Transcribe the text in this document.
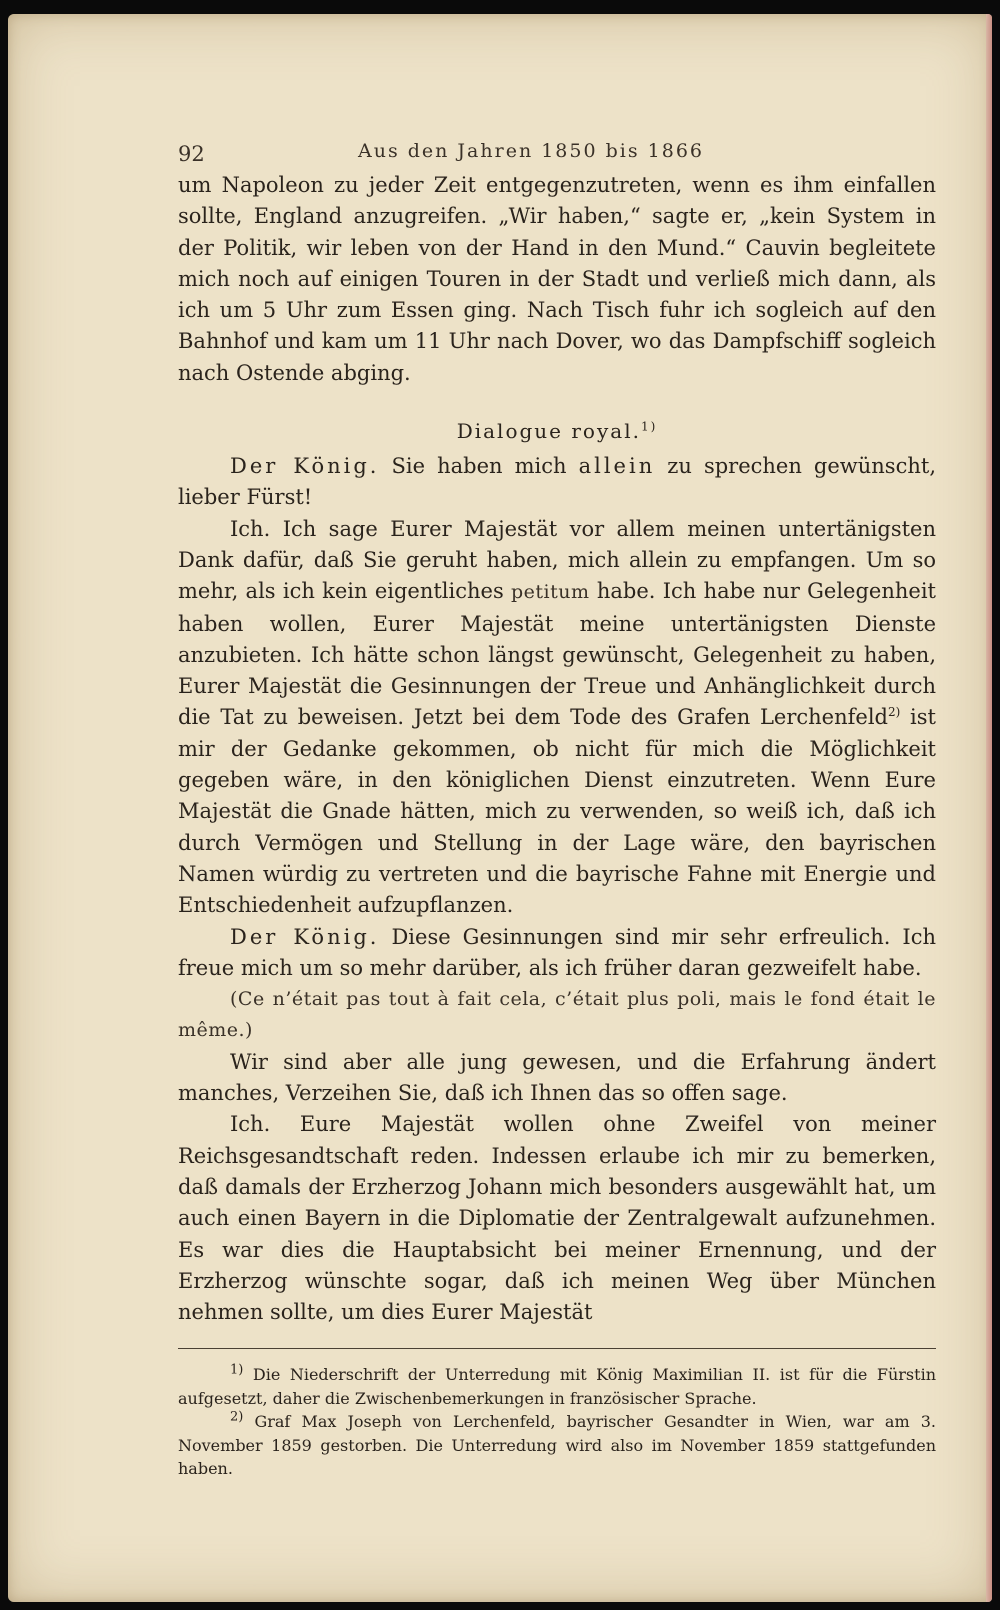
92	Aus den Jahren 1850 bis 1866

um Napoleon zu jeder Zeit entgegenzutreten, wenn es ihm einfallen sollte, England anzugreifen. „Wir haben,“ sagte er, „kein System in der Politik, wir leben von der Hand in den Mund.“ Cauvin begleitete mich noch auf einigen Touren in der Stadt und verließ mich dann, als ich um 5 Uhr zum Essen ging. Nach Tisch fuhr ich sogleich auf den Bahnhof und kam um 11 Uhr nach Dover, wo das Dampfschiff sogleich nach Ostende abging.

Dialogue royal.$^{1)}$

Der König. Sie haben mich allein zu sprechen gewünscht, lieber Fürst!

Ich. Ich sage Eurer Majestät vor allem meinen untertänigsten Dank dafür, daß Sie geruht haben, mich allein zu empfangen. Um so mehr, als ich kein eigentliches petitum habe. Ich habe nur Gelegenheit haben wollen, Eurer Majestät meine untertänigsten Dienste anzubieten. Ich hätte schon längst gewünscht, Gelegenheit zu haben, Eurer Majestät die Gesinnungen der Treue und Anhänglichkeit durch die Tat zu beweisen. Jetzt bei dem Tode des Grafen Lerchenfeld$^{2)}$ ist mir der Gedanke gekommen, ob nicht für mich die Möglichkeit gegeben wäre, in den königlichen Dienst einzutreten. Wenn Eure Majestät die Gnade hätten, mich zu verwenden, so weiß ich, daß ich durch Vermögen und Stellung in der Lage wäre, den bayrischen Namen würdig zu vertreten und die bayrische Fahne mit Energie und Entschiedenheit aufzupflanzen.

Der König. Diese Gesinnungen sind mir sehr erfreulich. Ich freue mich um so mehr darüber, als ich früher daran gezweifelt habe.

(Ce n’était pas tout à fait cela, c’était plus poli, mais le fond était le même.)

Wir sind aber alle jung gewesen, und die Erfahrung ändert manches, Verzeihen Sie, daß ich Ihnen das so offen sage.

Ich. Eure Majestät wollen ohne Zweifel von meiner Reichsgesandtschaft reden. Indessen erlaube ich mir zu bemerken, daß damals der Erzherzog Johann mich besonders ausgewählt hat, um auch einen Bayern in die Diplomatie der Zentralgewalt aufzunehmen. Es war dies die Hauptabsicht bei meiner Ernennung, und der Erzherzog wünschte sogar, daß ich meinen Weg über München nehmen sollte, um dies Eurer Majestät

$^{1)}$ Die Niederschrift der Unterredung mit König Maximilian II. ist für die Fürstin aufgesetzt, daher die Zwischenbemerkungen in französischer Sprache.

$^{2)}$ Graf Max Joseph von Lerchenfeld, bayrischer Gesandter in Wien, war am 3. November 1859 gestorben. Die Unterredung wird also im November 1859 stattgefunden haben.
